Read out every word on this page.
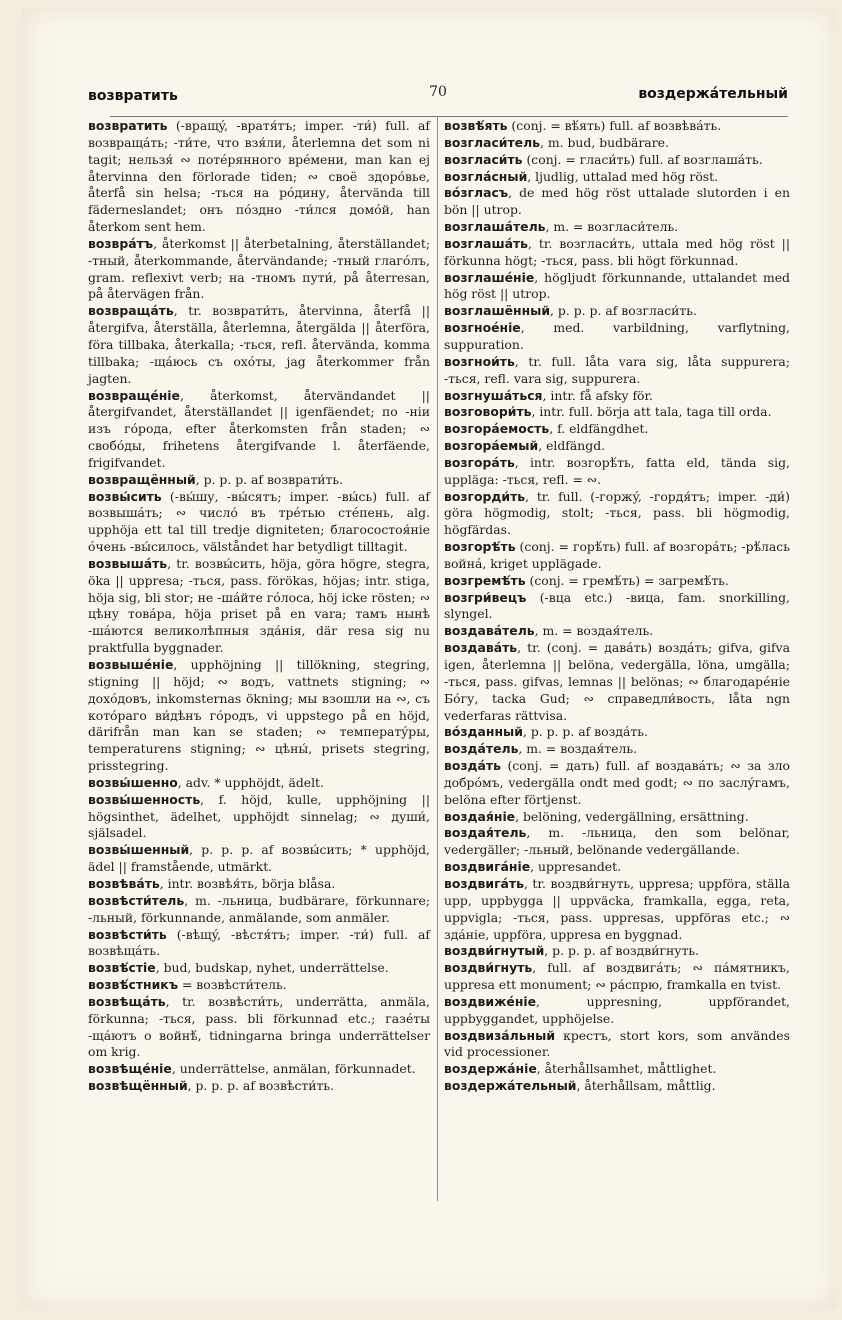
возвратить	70	воздержáтельный
возвратить (-вращý, -вратя́тъ; imper. -ти́) full. af возвращáть; -ти́те, что взя́ли, återlemna det som ni tagit; нельзя́ ∾ потéрянного врéмени, man kan ej återvinna den förlorade tiden; ∾ своё здорóвье, återfå sin helsa; -ться на рóдину, återvända till fäderneslandet; онъ пóздно -ти́лся домóй, han återkom sent hem.
возврáтъ, återkomst || återbetalning, återställandet; -тный, återkommande, återvändande; -тный глагóлъ, gram. reflexivt verb; на -тномъ пути́, på återresan, på återvägen från.
возвращáть, tr. возврати́ть, återvinna, återfå || återgifva, återställa, återlemna, återgälda || återföra, föra tillbaka, återkalla; -ться, refl. återvända, komma tillbaka; -щáюсь съ охóты, jag återkommer från jagten.
возвращéніе, återkomst, återvändandet || återgifvandet, återställandet || igenfäendet; по -ніи изъ гóрода, efter återkomsten från staden; ∾ свобóды, frihetens återgifvande l. återfäende, frigifvandet.
возвращённый, p. p. p. af возврати́ть.
возвы́сить (-вы́шу, -вы́сятъ; imper. -вы́сь) full. af возвышáть; ∾ числó въ трéтью стéпень, alg. upphöja ett tal till tredje digniteten; благосостоя́ніе óчень -вы́силось, välståndet har betydligt tilltagit.
возвышáть, tr. возвы́сить, höja, göra högre, stegra, öka || uppresa; -ться, pass. förökas, höjas; intr. stiga, höja sig, bli stor; не -шáйте гóлоса, höj icke rösten; ∾ цѣну товáра, höja priset på en vara; тамъ нынѣ -шáются великолѣпныя здáнія, där resa sig nu praktfulla byggnader.
возвышéніе, upphöjning || tillökning, stegring, stigning || höjd; ∾ водъ, vattnets stigning; ∾ дохóдовъ, inkomsternas ökning; мы взошли на ∾, съ котóраго ви́дѣнъ гóродъ, vi uppstego på en höjd, därifrån man kan se staden; ∾ температýры, temperaturens stigning; ∾ цѣны́, prisets stegring, prisstegring.
возвы́шенно, adv. * upphöjdt, ädelt.
возвы́шенность, f. höjd, kulle, upphöjning || högsinthet, ädelhet, upphöjdt sinnelag; ∾ души́, själsadel.
возвы́шенный, p. p. p. af возвы́сить; * upphöjd, ädel || framstående, utmärkt.
возвѣвáть, intr. возвѣя́ть, börja blåsa.
возвѣсти́тель, m. -льница, budbärare, förkunnare; -льный, förkunnande, anmälande, som anmäler.
возвѣсти́ть (-вѣщý, -вѣстя́тъ; imper. -ти́) full. af возвѣщáть.
возвѣ́стіе, bud, budskap, nyhet, underrättelse.
возвѣ́стникъ = возвѣсти́тель.
возвѣщáть, tr. возвѣсти́ть, underrätta, anmäla, förkunna; -ться, pass. bli förkunnad etc.; газéты -щáютъ о войнѣ́, tidningarna bringa underrättelser om krig.
возвѣщéніе, underrättelse, anmälan, förkunnadet.
возвѣщённый, p. p. p. af возвѣсти́ть.
возвѣ́ять (conj. = вѣ́ять) full. af возвѣвáть.
возгласи́тель, m. bud, budbärare.
возгласи́ть (conj. = гласи́ть) full. af возглашáть.
возглáсный, ljudlig, uttalad med hög röst.
вóзгласъ, de med hög röst uttalade slutorden i en bön || utrop.
возглашáтель, m. = возгласи́тель.
возглашáть, tr. возгласи́ть, uttala med hög röst || förkunna högt; -ться, pass. bli högt förkunnad.
возглашéніе, högljudt förkunnande, uttalandet med hög röst || utrop.
возглашённый, p. p. p. af возгласи́ть.
возгноéніе, med. varbildning, varflytning, suppuration.
возгнои́ть, tr. full. låta vara sig, låta suppurera; -ться, refl. vara sig, suppurera.
возгнушáться, intr. få afsky för.
возговори́ть, intr. full. börja att tala, taga till orda.
возгорáемость, f. eldfängdhet.
возгорáемый, eldfängd.
возгорáть, intr. возгорѣ́ть, fatta eld, tända sig, uppläga: -ться, refl. = ∾.
возгорди́ть, tr. full. (-горжý, -гордя́тъ; imper. -ди́) göra högmodig, stolt; -ться, pass. bli högmodig, högfärdas.
возгорѣ́ть (conj. = горѣ́ть) full. af возгорáть; -рѣ́лась войнá, kriget upplägade.
возгремѣ́ть (conj. = гремѣ́ть) = загремѣ́ть.
возгри́вецъ (-вца etc.) -вица, fam. snorkilling, slyngel.
воздавáтель, m. = воздая́тель.
воздавáть, tr. (conj. = давáть) воздáть; gifva, gifva igen, återlemna || belöna, vedergälla, löna, umgälla; -ться, pass. gifvas, lemnas || belönas; ∾ благодарéніе Бóгу, tacka Gud; ∾ справедли́вость, låta ngn vederfaras rättvisa.
вóзданный, p. p. p. af воздáть.
воздáтель, m. = воздая́тель.
воздáть (conj. = дать) full. af воздавáть; ∾ за зло добрóмъ, vedergälla ondt med godt; ∾ по заслýгамъ, belöna efter förtjenst.
воздая́ніе, belöning, vedergällning, ersättning.
воздая́тель, m. -льница, den som belönar, vedergäller; -льный, belönande vedergällande.
воздвигáніе, uppresandet.
воздвигáть, tr. воздви́гнуть, uppresa; uppföra, ställa upp, uppbygga || uppväcka, framkalla, egga, reta, uppvigla; -ться, pass. uppresas, uppföras etc.; ∾ здáніе, uppföra, uppresa en byggnad.
воздви́гнутый, p. p. p. af воздви́гнуть.
воздви́гнуть, full. af воздвигáть; ∾ пáмятникъ, uppresa ett monument; ∾ рáспрю, framkalla en tvist.
воздвижéніе, uppresning, uppförandet, uppbyggandet, upphöjelse.
воздвизáльный крестъ, stort kors, som användes vid processioner.
воздержáніе, återhållsamhet, måttlighet.
воздержáтельный, återhållsam, måttlig.
